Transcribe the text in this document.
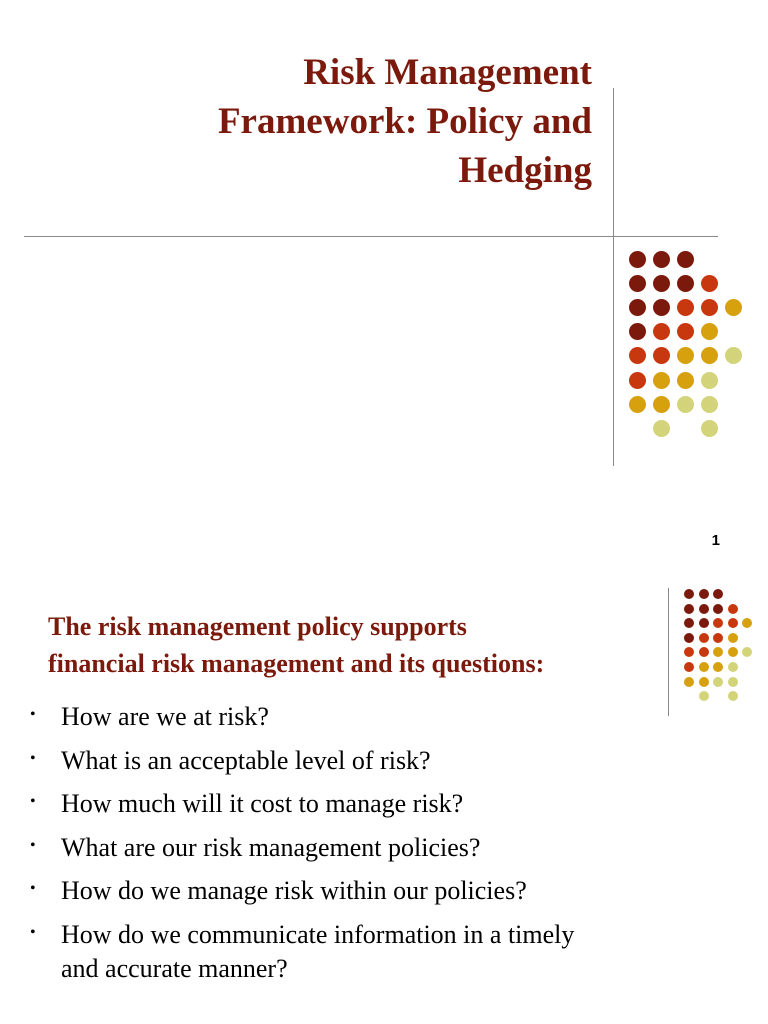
Risk Management
Framework: Policy and
Hedging
1
The risk management policy supports
financial risk management and its questions:
• How are we at risk?
• What is an acceptable level of risk?
• How much will it cost to manage risk?
• What are our risk management policies?
• How do we manage risk within our policies?
• How do we communicate information in a timely
and accurate manner?
